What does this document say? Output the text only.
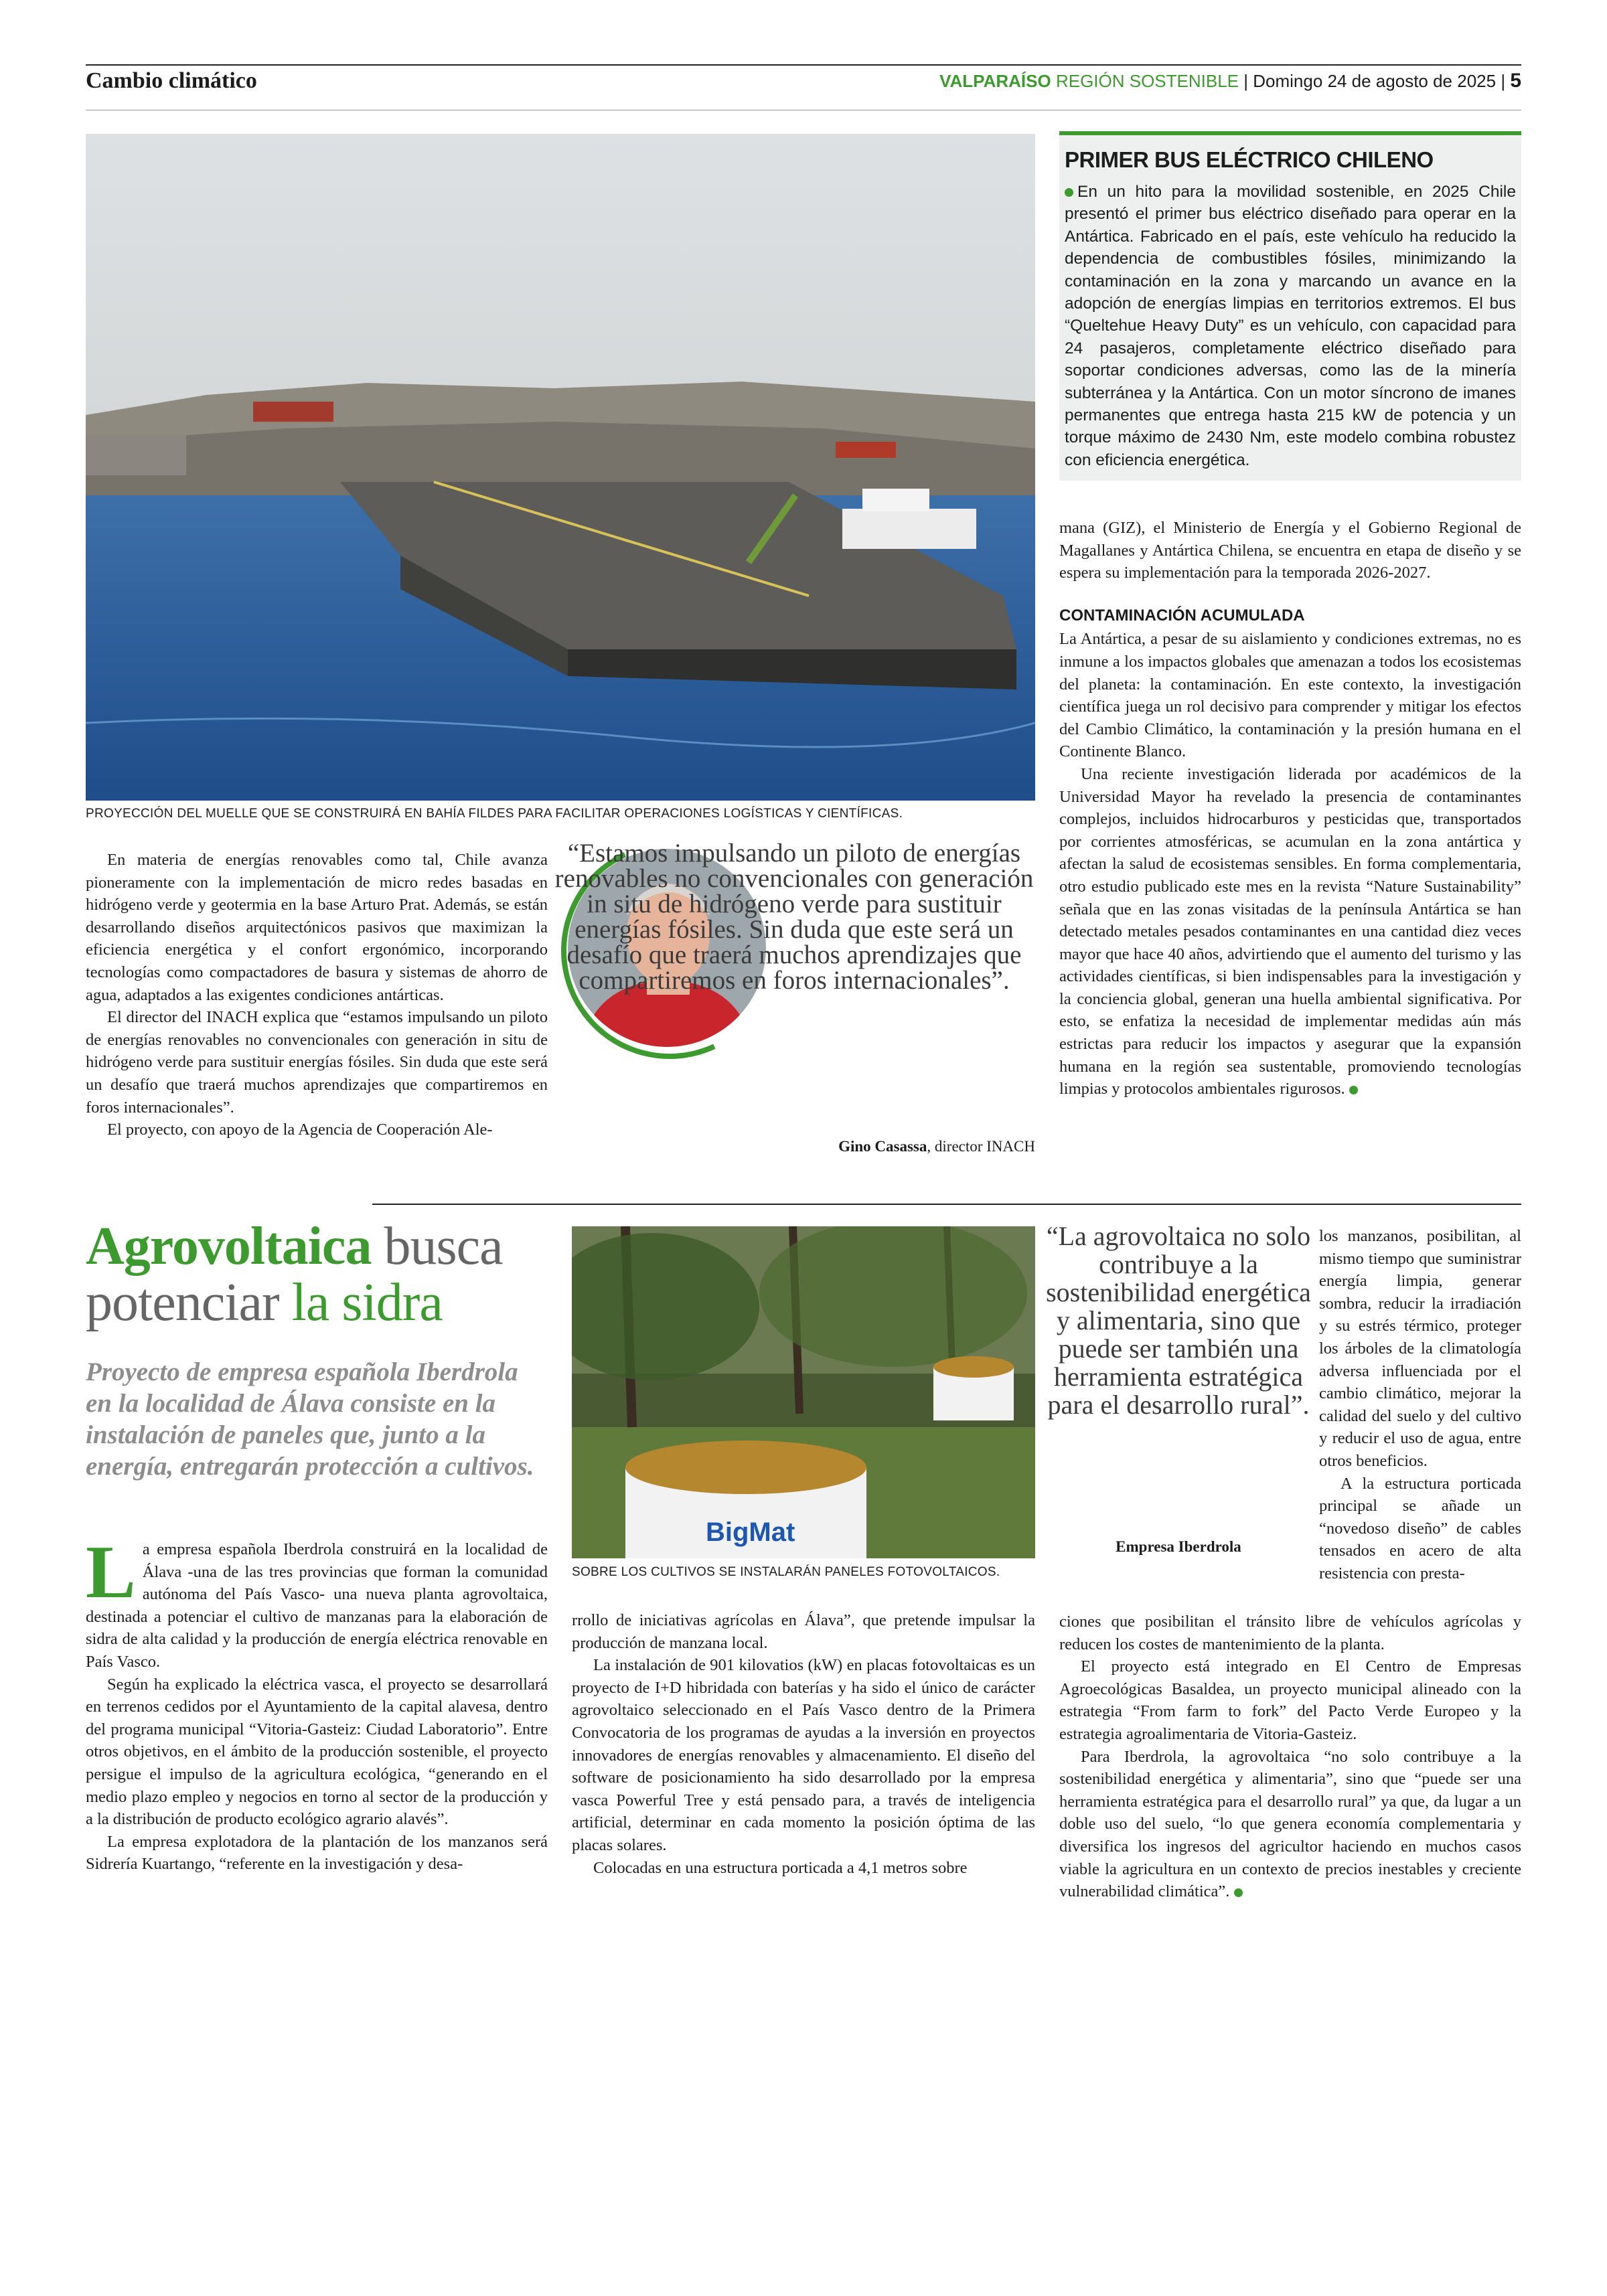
Cambio climático	VALPARAÍSO REGIÓN SOSTENIBLE | Domingo 24 de agosto de 2025 | 5
PROYECCIÓN DEL MUELLE QUE SE CONSTRUIRÁ EN BAHÍA FILDES PARA FACILITAR OPERACIONES LOGÍSTICAS Y CIENTÍFICAS.
PRIMER BUS ELÉCTRICO CHILENO

En un hito para la movilidad sostenible, en 2025 Chile presentó el primer bus eléctrico diseñado para operar en la Antártica. Fabricado en el país, este vehículo ha reducido la dependencia de combustibles fósiles, minimizando la contaminación en la zona y marcando un avance en la adopción de energías limpias en territorios extremos. El bus “Queltehue Heavy Duty” es un vehículo, con capacidad para 24 pasajeros, completamente eléctrico diseñado para soportar condiciones adversas, como las de la minería subterránea y la Antártica. Con un motor síncrono de imanes permanentes que entrega hasta 215 kW de potencia y un torque máximo de 2430 Nm, este modelo combina robustez con eficiencia energética.

En materia de energías renovables como tal, Chile avanza pioneramente con la implementación de micro redes basadas en hidrógeno verde y geotermia en la base Arturo Prat. Además, se están desarrollando diseños arquitectónicos pasivos que maximizan la eficiencia energética y el confort ergonómico, incorporando tecnologías como compactadores de basura y sistemas de ahorro de agua, adaptados a las exigentes condiciones antárticas.

El director del INACH explica que “estamos impulsando un piloto de energías renovables no convencionales con generación in situ de hidrógeno verde para sustituir energías fósiles. Sin duda que este será un desafío que traerá muchos aprendizajes que compartiremos en foros internacionales”.

El proyecto, con apoyo de la Agencia de Cooperación Ale-

“Estamos impulsando un piloto de energías renovables no convencionales con generación in situ de hidrógeno verde para sustituir energías fósiles. Sin duda que este será un desafío que traerá muchos aprendizajes que compartiremos en foros internacionales”.
Gino Casassa, director INACH

mana (GIZ), el Ministerio de Energía y el Gobierno Regional de Magallanes y Antártica Chilena, se encuentra en etapa de diseño y se espera su implementación para la temporada 2026-2027.

CONTAMINACIÓN ACUMULADA

La Antártica, a pesar de su aislamiento y condiciones extremas, no es inmune a los impactos globales que amenazan a todos los ecosistemas del planeta: la contaminación. En este contexto, la investigación científica juega un rol decisivo para comprender y mitigar los efectos del Cambio Climático, la contaminación y la presión humana en el Continente Blanco.

Una reciente investigación liderada por académicos de la Universidad Mayor ha revelado la presencia de contaminantes complejos, incluidos hidrocarburos y pesticidas que, transportados por corrientes atmosféricas, se acumulan en la zona antártica y afectan la salud de ecosistemas sensibles. En forma complementaria, otro estudio publicado este mes en la revista “Nature Sustainability” señala que en las zonas visitadas de la península Antártica se han detectado metales pesados contaminantes en una cantidad diez veces mayor que hace 40 años, advirtiendo que el aumento del turismo y las actividades científicas, si bien indispensables para la investigación y la conciencia global, generan una huella ambiental significativa. Por esto, se enfatiza la necesidad de implementar medidas aún más estrictas para reducir los impactos y asegurar que la expansión humana en la región sea sustentable, promoviendo tecnologías limpias y protocolos ambientales rigurosos.

Agrovoltaica busca
potenciar la sidra
Proyecto de empresa española Iberdrola en la localidad de Álava consiste en la instalación de paneles que, junto a la energía, entregarán protección a cultivos.

La empresa española Iberdrola construirá en la localidad de Álava -una de las tres provincias que forman la comunidad autónoma del País Vasco- una nueva planta agrovoltaica, destinada a potenciar el cultivo de manzanas para la elaboración de sidra de alta calidad y la producción de energía eléctrica renovable en País Vasco.

Según ha explicado la eléctrica vasca, el proyecto se desarrollará en terrenos cedidos por el Ayuntamiento de la capital alavesa, dentro del programa municipal “Vitoria-Gasteiz: Ciudad Laboratorio”. Entre otros objetivos, en el ámbito de la producción sostenible, el proyecto persigue el impulso de la agricultura ecológica, “generando en el medio plazo empleo y negocios en torno al sector de la producción y a la distribución de producto ecológico agrario alavés”.

La empresa explotadora de la plantación de los manzanos será Sidrería Kuartango, “referente en la investigación y desa-

BigMat
SOBRE LOS CULTIVOS SE INSTALARÁN PANELES FOTOVOLTAICOS.

rrollo de iniciativas agrícolas en Álava”, que pretende impulsar la producción de manzana local.

La instalación de 901 kilovatios (kW) en placas fotovoltaicas es un proyecto de I+D hibridada con baterías y ha sido el único de carácter agrovoltaico seleccionado en el País Vasco dentro de la Primera Convocatoria de los programas de ayudas a la inversión en proyectos innovadores de energías renovables y almacenamiento. El diseño del software de posicionamiento ha sido desarrollado por la empresa vasca Powerful Tree y está pensado para, a través de inteligencia artificial, determinar en cada momento la posición óptima de las placas solares.

Colocadas en una estructura porticada a 4,1 metros sobre

“La agrovoltaica no solo contribuye a la sostenibilidad energética y alimentaria, sino que puede ser también una herramienta estratégica para el desarrollo rural”.
Empresa Iberdrola

los manzanos, posibilitan, al mismo tiempo que suministrar energía limpia, generar sombra, reducir la irradiación y su estrés térmico, proteger los árboles de la climatología adversa influenciada por el cambio climático, mejorar la calidad del suelo y del cultivo y reducir el uso de agua, entre otros beneficios.

A la estructura porticada principal se añade un “novedoso diseño” de cables tensados en acero de alta resistencia con presta-

ciones que posibilitan el tránsito libre de vehículos agrícolas y reducen los costes de mantenimiento de la planta.

El proyecto está integrado en El Centro de Empresas Agroecológicas Basaldea, un proyecto municipal alineado con la estrategia “From farm to fork” del Pacto Verde Europeo y la estrategia agroalimentaria de Vitoria-Gasteiz.

Para Iberdrola, la agrovoltaica “no solo contribuye a la sostenibilidad energética y alimentaria”, sino que “puede ser una herramienta estratégica para el desarrollo rural” ya que, da lugar a un doble uso del suelo, “lo que genera economía complementaria y diversifica los ingresos del agricultor haciendo en muchos casos viable la agricultura en un contexto de precios inestables y creciente vulnerabilidad climática”.
